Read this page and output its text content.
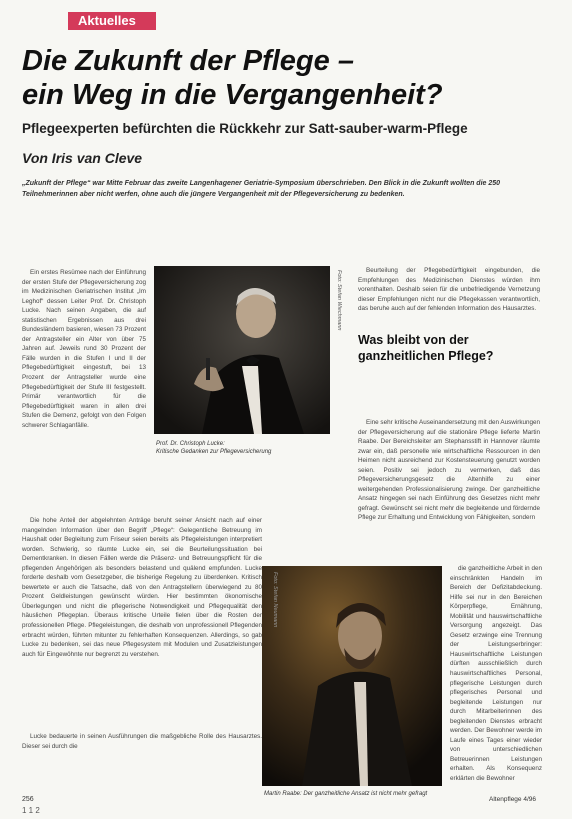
Aktuelles
Die Zukunft der Pflege –
ein Weg in die Vergangenheit?

Pflegeexperten befürchten die Rückkehr zur Satt-sauber-warm-Pflege

Von Iris van Cleve
„Zukunft der Pflege“ war Mitte Februar das zweite Langenhagener Geriatrie-Symposium überschrieben. Den Blick in die Zukunft wollten die 250 Teilnehmerinnen aber nicht werfen, ohne auch die jüngere Vergangenheit mit der Pflegeversicherung zu bedenken.

Ein erstes Resümee nach der Einführung der ersten Stufe der Pflegeversicherung zog im Medizinischen Geriatrischen Institut „Im Leghof“ dessen Leiter Prof. Dr. Christoph Lucke. Nach seinen Angaben, die auf statistischen Ergebnissen aus drei Bundesländern basieren, wiesen 73 Prozent der Antragsteller ein Alter von über 75 Jahren auf. Jeweils rund 30 Prozent der Fälle wurden in die Stufen I und II der Pflegebedürftigkeit eingestuft, bei 13 Prozent der Antragsteller wurde eine Pflegebedürftigkeit der Stufe III festgestellt. Primär verantwortlich für die Pflegebedürftigkeit waren in allen drei Stufen die Demenz, gefolgt von den Folgen schwerer Schlaganfälle.

Foto: Stefan Wiechmann
Prof. Dr. Christoph Lucke:
Kritische Gedanken zur Pflegeversicherung

Die hohe Anteil der abgelehnten Anträge beruht seiner Ansicht nach auf einer mangelnden Information über den Begriff „Pflege“: Gelegentliche Betreuung im Haushalt oder Begleitung zum Friseur seien bereits als Pflegeleistungen interpretiert worden. Schwierig, so räumte Lucke ein, sei die Beurteilungssituation bei Dementkranken. In diesen Fällen werde die Präsenz- und Betreuungspflicht für die pflegenden Angehörigen als besonders belastend und quälend empfunden. Lucke forderte deshalb vom Gesetzgeber, die bisherige Regelung zu überdenken. Kritisch bewertete er auch die Tatsache, daß von den Antragstellern überwiegend zu 80 Prozent Geldleistungen gewünscht würden. Hier bestimmten ökonomische Überlegungen und nicht die pflegerische Notwendigkeit und Pflegequalität den häuslichen Pflegeplan. Überaus kritische Urteile fielen über die Rosten der professionellen Pflege. Pflegeleistungen, die deshalb von unprofessionell Pflegenden erbracht würden, führten mitunter zu fehlerhaften Konsequenzen. Allerdings, so gab Lucke zu bedenken, sei das neue Pflegesystem mit Modulen und Zusatzleistungen auch für Eingewöhnte nur begrenzt zu verstehen.

Lucke bedauerte in seinen Ausführungen die maßgebliche Rolle des Hausarztes. Dieser sei durch die

Beurteilung der Pflegebedürftigkeit eingebunden, die Empfehlungen des Medizinischen Dienstes würden ihm vorenthalten. Deshalb seien für die unbefriedigende Vernetzung dieser Empfehlungen nicht nur die Pflegekassen verantwortlich, das beruhe auch auf der fehlenden Information des Hausarztes.

Was bleibt von der ganzheitlichen Pflege?

Eine sehr kritische Auseinandersetzung mit den Auswirkungen der Pflegeversicherung auf die stationäre Pflege lieferte Martin Raabe. Der Bereichsleiter am Stephansstift in Hannover räumte zwar ein, daß personelle wie wirtschaftliche Ressourcen in den Heimen nicht ausreichend zur Kostensteuerung genutzt worden seien. Positiv sei jedoch zu vermerken, daß das Pflegeversicherungsgesetz die Altenhilfe zu einer weitergehenden Professionalisierung zwinge. Der ganzheitliche Ansatz hingegen sei nach Einführung des Gesetzes nicht mehr gefragt. Gewünscht sei nicht mehr die begleitende und fördernde Pflege zur Erhaltung und Entwicklung von Fähigkeiten, sondern

die ganzheitliche Arbeit in den einschränkten Handeln im Bereich der Defizitabdeckung. Hilfe sei nur in den Bereichen Körperpflege, Ernährung, Mobilität und hauswirtschaftliche Versorgung angezeigt. Das Gesetz erzwinge eine Trennung der Leistungserbringer: Hauswirtschaftliche Leistungen dürften ausschließlich durch hauswirtschaftliches Personal, pflegerische Leistungen durch pflegerisches Personal und begleitende Leistungen nur durch Mitarbeiterinnen des begleitenden Dienstes erbracht werden. Der Bewohner werde im Laufe eines Tages einer wieder von unterschiedlichen Betreuerinnen Leistungen erhalten. Als Konsequenz erklärten die Bewohner

Foto: Stefan Neumann
Martin Raabe: Der ganzheitliche Ansatz ist nicht mehr gefragt
256
1 1 2
Altenpflege 4/96
